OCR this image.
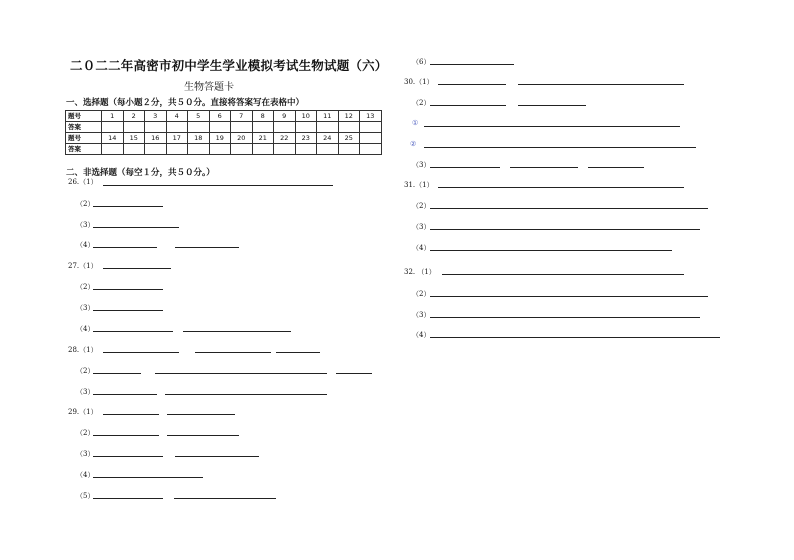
二０二二年高密市初中学生学业模拟考试生物试题（六）
生物答题卡
一、选择题（每小题２分，共５０分。直接将答案写在表格中）
题号	1	2	3	4	5	6	7	8	9	10	11	12	13
答案													
题号	14	15	16	17	18	19	20	21	22	23	24	25	
答案													
二、非选择题（每空１分，共５０分。）
26.（1）
（2）
（3）
（4）
27.（1）
（2）
（3）
（4）
28.（1）
（2）
（3）
29.（1）
（2）
（3）
（4）
（5）
（6）
30.（1）
（2）
①
②
（3）
31.（1）
（2）
（3）
（4）
32. （1）
（2）
（3）
（4）
